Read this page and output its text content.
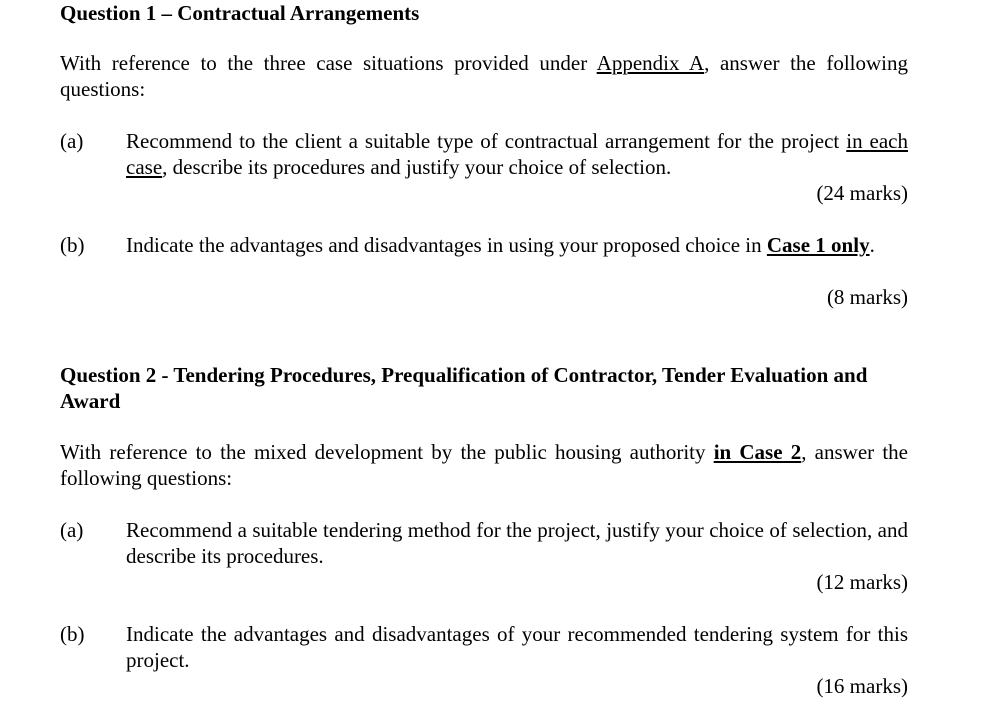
Question 1 – Contractual Arrangements
With reference to the three case situations provided under Appendix A, answer the following questions:
(a) Recommend to the client a suitable type of contractual arrangement for the project in each case, describe its procedures and justify your choice of selection.
(24 marks)
(b) Indicate the advantages and disadvantages in using your proposed choice in Case 1 only.
(8 marks)
Question 2 - Tendering Procedures, Prequalification of Contractor, Tender Evaluation and Award
With reference to the mixed development by the public housing authority in Case 2, answer the following questions:
(a) Recommend a suitable tendering method for the project, justify your choice of selection, and describe its procedures.
(12 marks)
(b) Indicate the advantages and disadvantages of your recommended tendering system for this project.
(16 marks)
